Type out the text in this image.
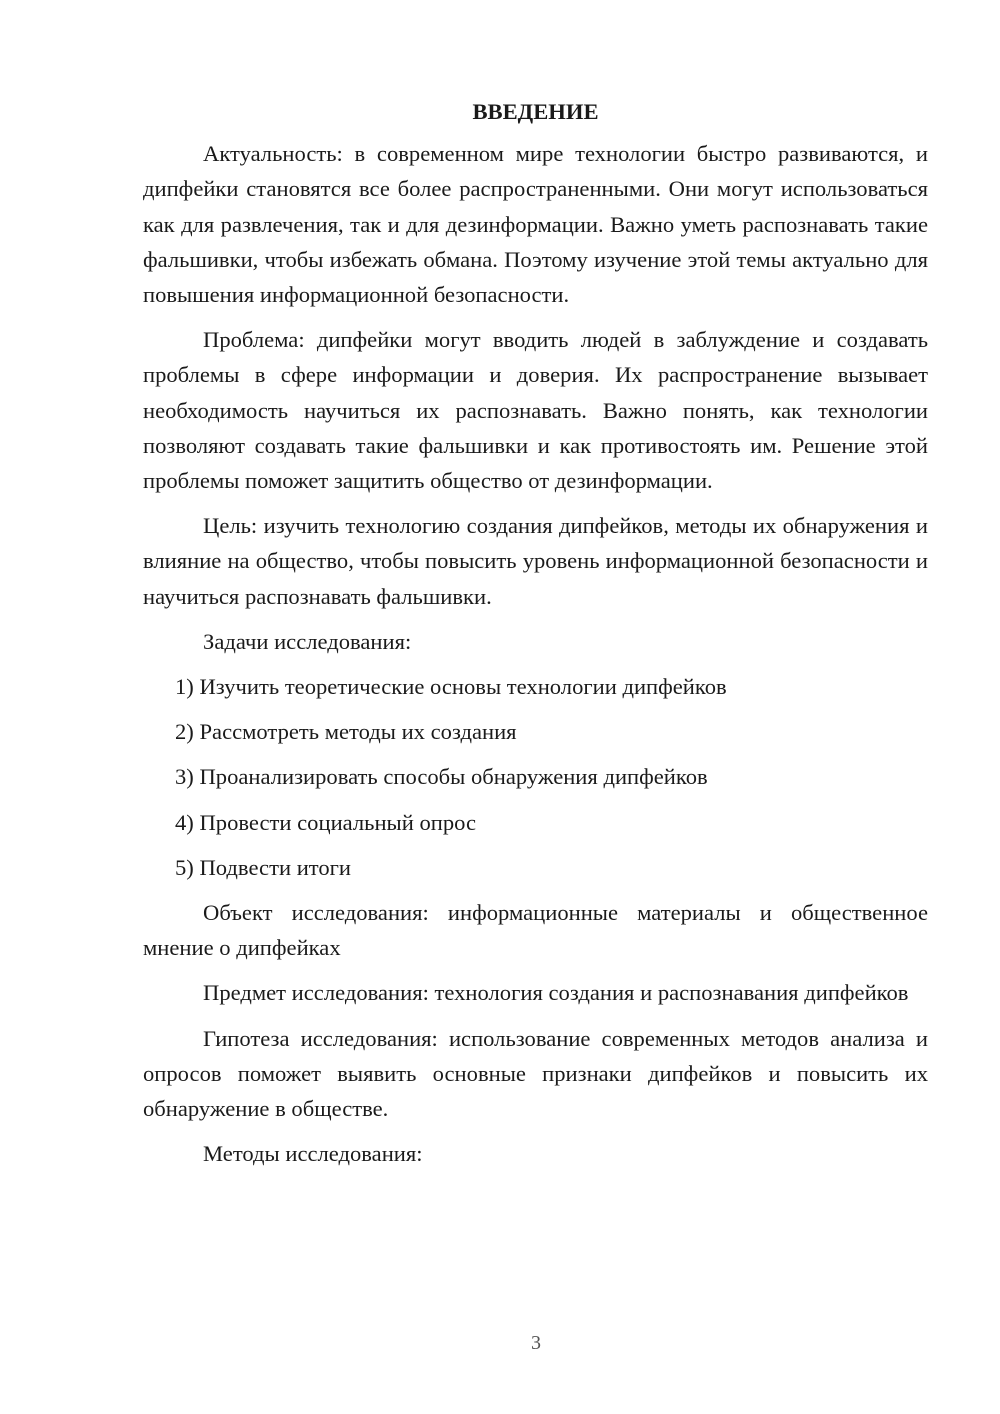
ВВЕДЕНИЕ

Актуальность: в современном мире технологии быстро развиваются, и дипфейки становятся все более распространенными. Они могут использоваться как для развлечения, так и для дезинформации. Важно уметь распознавать такие фальшивки, чтобы избежать обмана. Поэтому изучение этой темы актуально для повышения информационной безопасности.

Проблема: дипфейки могут вводить людей в заблуждение и создавать проблемы в сфере информации и доверия. Их распространение вызывает необходимость научиться их распознавать. Важно понять, как технологии позволяют создавать такие фальшивки и как противостоять им. Решение этой проблемы поможет защитить общество от дезинформации.

Цель: изучить технологию создания дипфейков, методы их обнаружения и влияние на общество, чтобы повысить уровень информационной безопасности и научиться распознавать фальшивки.

Задачи исследования:

1) Изучить теоретические основы технологии дипфейков
2) Рассмотреть методы их создания
3) Проанализировать способы обнаружения дипфейков
4) Провести социальный опрос
5) Подвести итоги

Объект исследования: информационные материалы и общественное мнение о дипфейках

Предмет исследования: технология создания и распознавания дипфейков

Гипотеза исследования: использование современных методов анализа и опросов поможет выявить основные признаки дипфейков и повысить их обнаружение в обществе.

Методы исследования:

3
